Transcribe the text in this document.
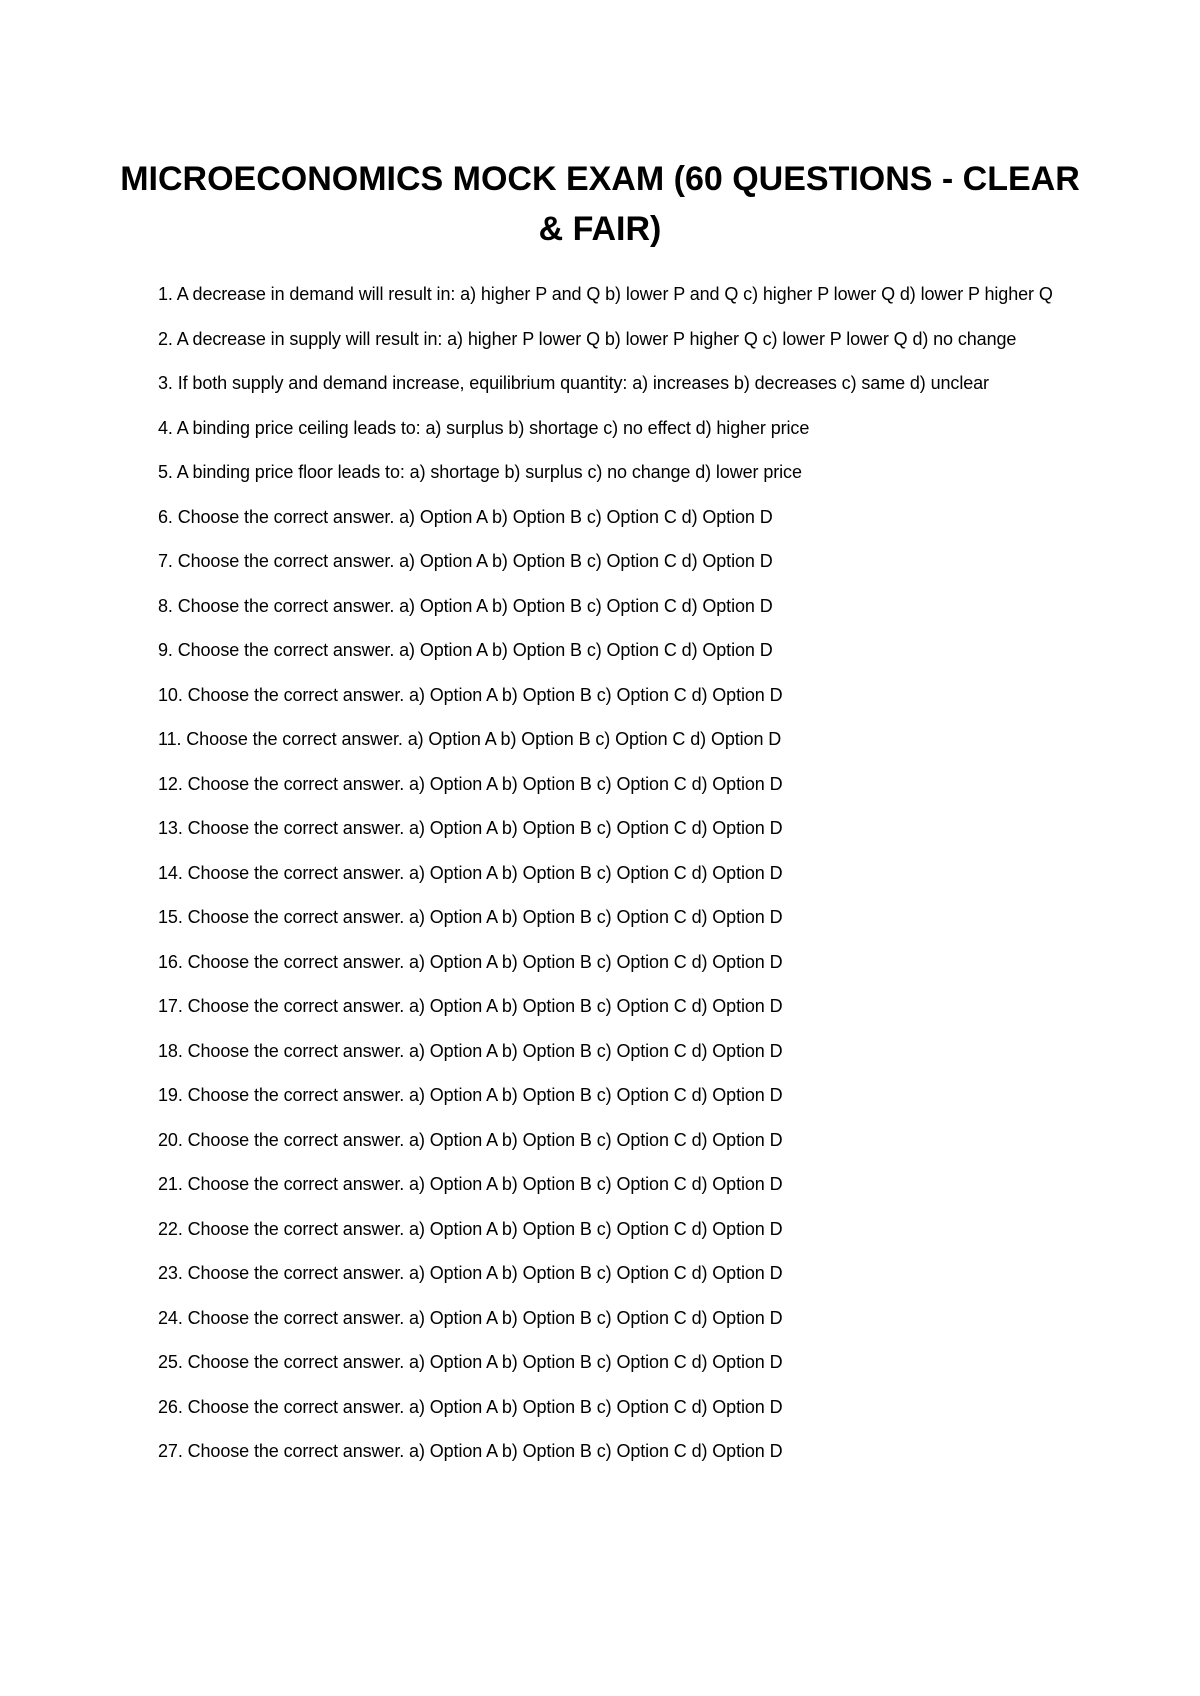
MICROECONOMICS MOCK EXAM (60 QUESTIONS - CLEAR & FAIR)
1. A decrease in demand will result in: a) higher P and Q b) lower P and Q c) higher P lower Q d) lower P higher Q
2. A decrease in supply will result in: a) higher P lower Q b) lower P higher Q c) lower P lower Q d) no change
3. If both supply and demand increase, equilibrium quantity: a) increases b) decreases c) same d) unclear
4. A binding price ceiling leads to: a) surplus b) shortage c) no effect d) higher price
5. A binding price floor leads to: a) shortage b) surplus c) no change d) lower price
6. Choose the correct answer. a) Option A b) Option B c) Option C d) Option D
7. Choose the correct answer. a) Option A b) Option B c) Option C d) Option D
8. Choose the correct answer. a) Option A b) Option B c) Option C d) Option D
9. Choose the correct answer. a) Option A b) Option B c) Option C d) Option D
10. Choose the correct answer. a) Option A b) Option B c) Option C d) Option D
11. Choose the correct answer. a) Option A b) Option B c) Option C d) Option D
12. Choose the correct answer. a) Option A b) Option B c) Option C d) Option D
13. Choose the correct answer. a) Option A b) Option B c) Option C d) Option D
14. Choose the correct answer. a) Option A b) Option B c) Option C d) Option D
15. Choose the correct answer. a) Option A b) Option B c) Option C d) Option D
16. Choose the correct answer. a) Option A b) Option B c) Option C d) Option D
17. Choose the correct answer. a) Option A b) Option B c) Option C d) Option D
18. Choose the correct answer. a) Option A b) Option B c) Option C d) Option D
19. Choose the correct answer. a) Option A b) Option B c) Option C d) Option D
20. Choose the correct answer. a) Option A b) Option B c) Option C d) Option D
21. Choose the correct answer. a) Option A b) Option B c) Option C d) Option D
22. Choose the correct answer. a) Option A b) Option B c) Option C d) Option D
23. Choose the correct answer. a) Option A b) Option B c) Option C d) Option D
24. Choose the correct answer. a) Option A b) Option B c) Option C d) Option D
25. Choose the correct answer. a) Option A b) Option B c) Option C d) Option D
26. Choose the correct answer. a) Option A b) Option B c) Option C d) Option D
27. Choose the correct answer. a) Option A b) Option B c) Option C d) Option D
